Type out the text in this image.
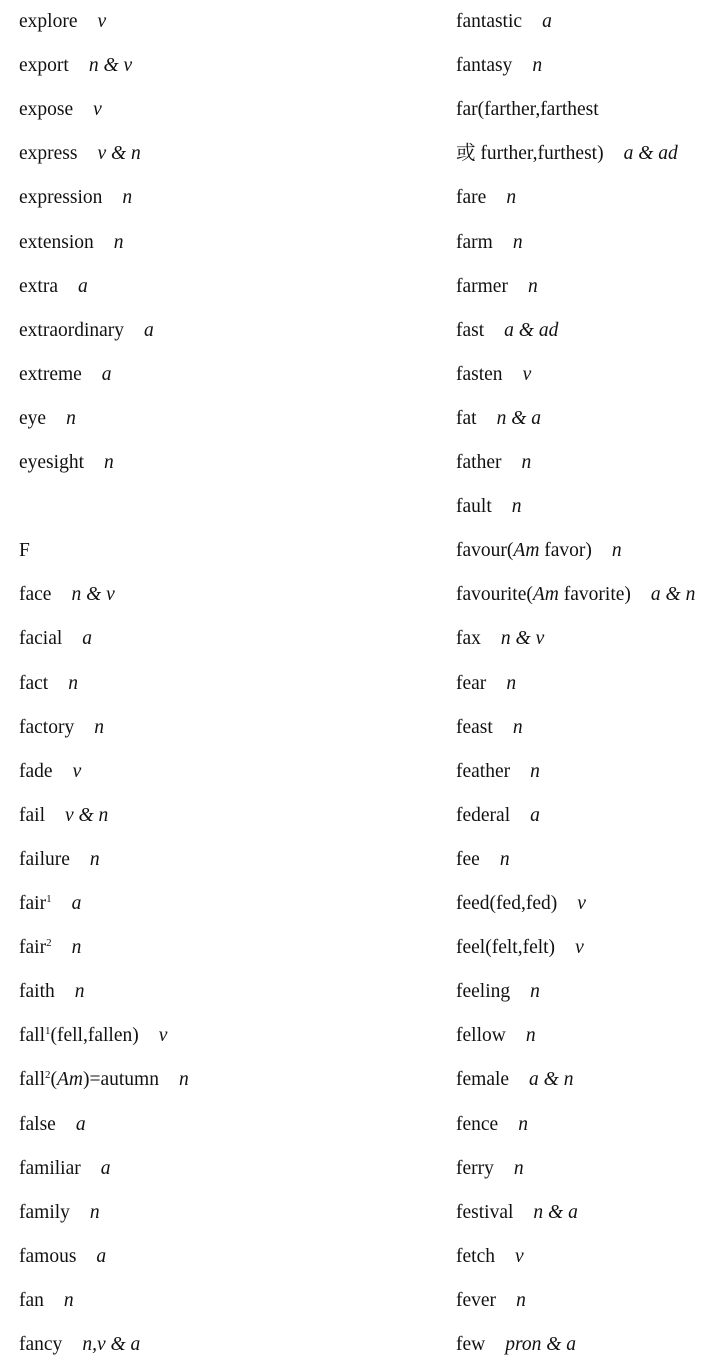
explore v
export n & v
expose v
express v & n
expression n
extension n
extra a
extraordinary a
extreme a
eye n
eyesight n
F
face n & v
facial a
fact n
factory n
fade v
fail v & n
failure n
fair$^1$ a
fair$^2$ n
faith n
fall$^1$(fell,fallen) v
fall$^2$(Am)=autumn n
false a
familiar a
family n
famous a
fan n
fancy n,v & a
fantastic a
fantasy n
far(farther,farthest
或 further,furthest) a & ad
fare n
farm n
farmer n
fast a & ad
fasten v
fat n & a
father n
fault n
favour(Am favor) n
favourite(Am favorite) a & n
fax n & v
fear n
feast n
feather n
federal a
fee n
feed(fed,fed) v
feel(felt,felt) v
feeling n
fellow n
female a & n
fence n
ferry n
festival n & a
fetch v
fever n
few pron & a
